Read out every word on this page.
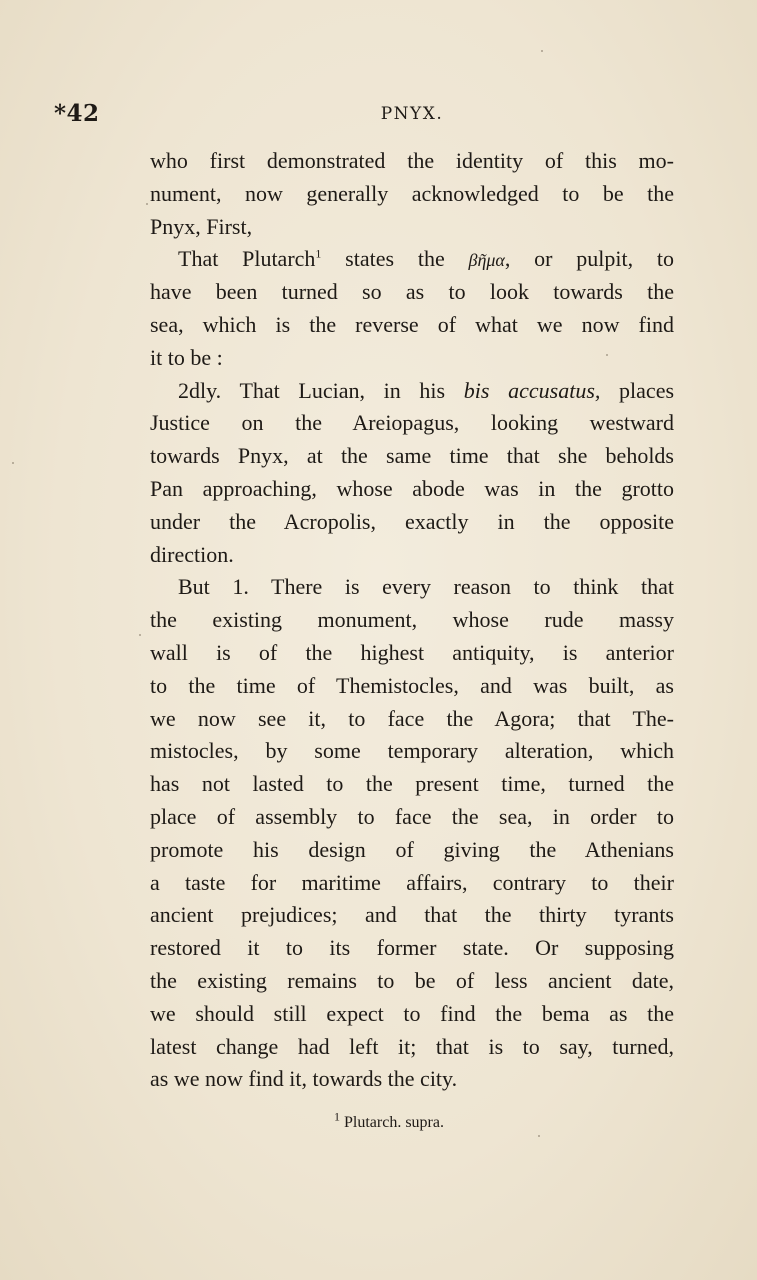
*42	PNYX.
who first demonstrated the identity of this mo-
nument, now generally acknowledged to be the
Pnyx, First,
That Plutarch$^1$ states the βῆμα, or pulpit, to
have been turned so as to look towards the
sea, which is the reverse of what we now find
it to be :
2dly. That Lucian, in his bis accusatus, places
Justice on the Areiopagus, looking westward
towards Pnyx, at the same time that she beholds
Pan approaching, whose abode was in the grotto
under the Acropolis, exactly in the opposite
direction.
But 1. There is every reason to think that
the existing monument, whose rude massy
wall is of the highest antiquity, is anterior
to the time of Themistocles, and was built, as
we now see it, to face the Agora; that The-
mistocles, by some temporary alteration, which
has not lasted to the present time, turned the
place of assembly to face the sea, in order to
promote his design of giving the Athenians
a taste for maritime affairs, contrary to their
ancient prejudices; and that the thirty tyrants
restored it to its former state. Or supposing
the existing remains to be of less ancient date,
we should still expect to find the bema as the
latest change had left it; that is to say, turned,
as we now find it, towards the city.
$^1$ Plutarch. supra.
